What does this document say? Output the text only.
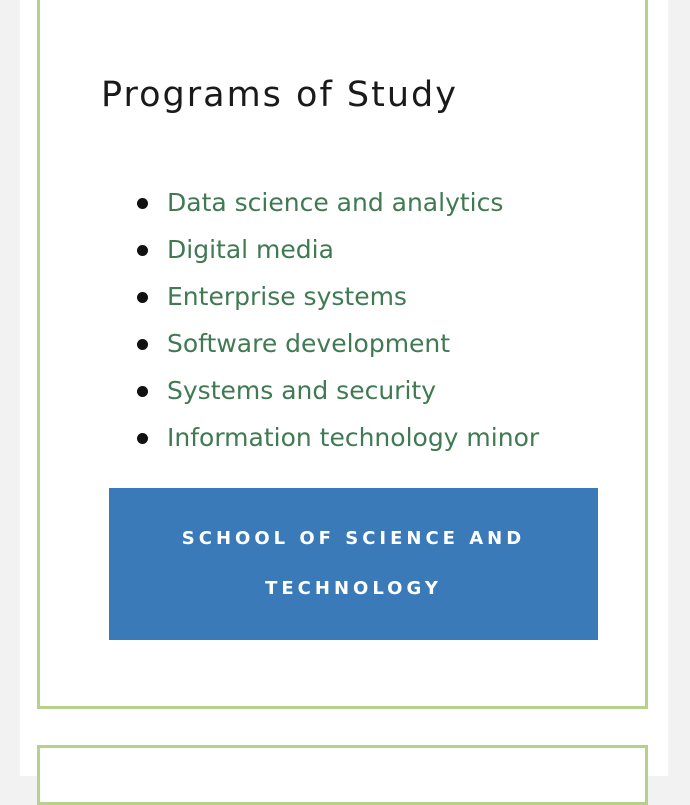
Programs of Study
Data science and analytics
Digital media
Enterprise systems
Software development
Systems and security
Information technology minor
SCHOOL OF SCIENCE AND TECHNOLOGY
